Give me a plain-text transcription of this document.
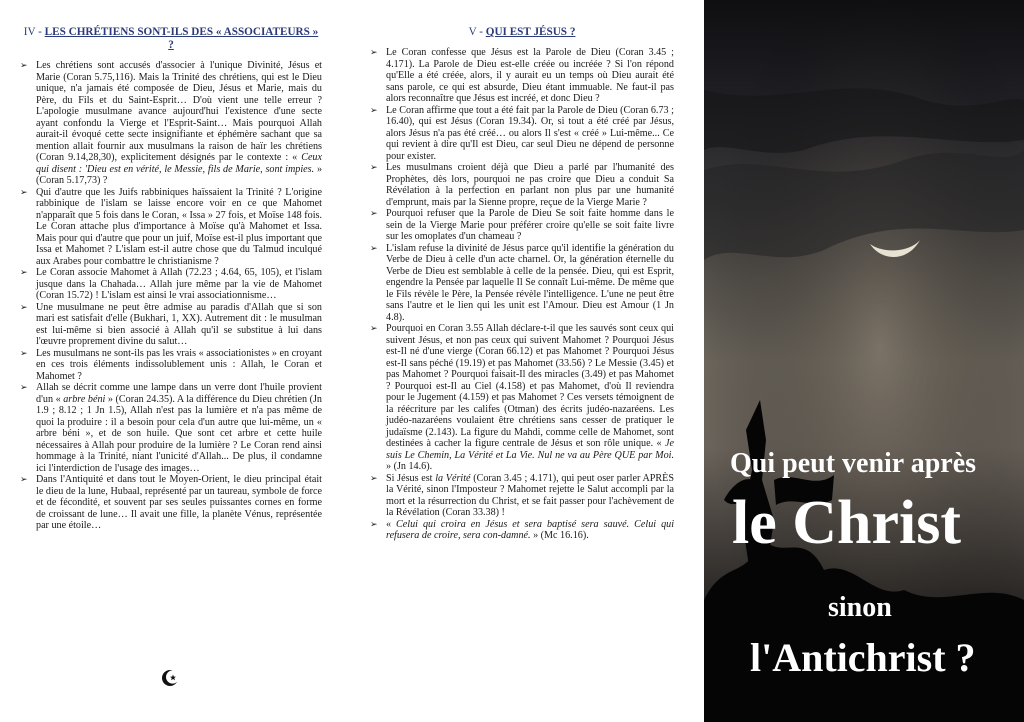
IV - LES CHRÉTIENS SONT-ILS DES « ASSOCIATEURS » ?
➢ Les chrétiens sont accusés d'associer à l'unique Divinité, Jésus et Marie (Coran 5.75,116). Mais la Trinité des chrétiens, qui est le Dieu unique, n'a jamais été composée de Dieu, Jésus et Marie, mais du Père, du Fils et du Saint-Esprit… D'où vient une telle erreur ? L'apologie musulmane avance aujourd'hui l'existence d'une secte ayant confondu la Vierge et l'Esprit-Saint… Mais pourquoi Allah aurait-il évoqué cette secte insignifiante et éphémère sachant que sa mention allait fournir aux musulmans la raison de haïr les chrétiens (Coran 9.14,28,30), explicitement désignés par le contexte : « Ceux qui disent : 'Dieu est en vérité, le Messie, fils de Marie, sont impies. » (Coran 5.17,73) ?
➢ Qui d'autre que les Juifs rabbiniques haïssaient la Trinité ? L'origine rabbinique de l'islam se laisse encore voir en ce que Mahomet n'apparaît que 5 fois dans le Coran, « Issa » 27 fois, et Moïse 148 fois. Le Coran attache plus d'importance à Moïse qu'à Mahomet et Issa. Mais pour qui d'autre que pour un juif, Moïse est-il plus important que Issa et Mahomet ? L'islam est-il autre chose que du Talmud inculqué aux Arabes pour combattre le christianisme ?
➢ Le Coran associe Mahomet à Allah (72.23 ; 4.64, 65, 105), et l'islam jusque dans la Chahada… Allah jure même par la vie de Mahomet (Coran 15.72) ! L'islam est ainsi le vrai associationnisme…
➢ Une musulmane ne peut être admise au paradis d'Allah que si son mari est satisfait d'elle (Bukhari, 1, XX). Autrement dit : le musulman est lui-même si bien associé à Allah qu'il se substitue à lui dans l'œuvre proprement divine du salut…
➢ Les musulmans ne sont-ils pas les vrais « associationistes » en croyant en ces trois éléments indissolublement unis : Allah, le Coran et Mahomet ?
➢ Allah se décrit comme une lampe dans un verre dont l'huile provient d'un « arbre béni » (Coran 24.35). A la différence du Dieu chrétien (Jn 1.9 ; 8.12 ; 1 Jn 1.5), Allah n'est pas la lumière et n'a pas même de quoi la produire : il a besoin pour cela d'un autre que lui-même, un « arbre béni », et de son huile. Que sont cet arbre et cette huile nécessaires à Allah pour produire de la lumière ? Le Coran rend ainsi hommage à la Trinité, niant l'unicité d'Allah... De plus, il condamne ici l'interdiction de l'usage des images…
➢ Dans l'Antiquité et dans tout le Moyen-Orient, le dieu principal était le dieu de la lune, Hubaal, représenté par un taureau, symbole de force et de fécondité, et souvent par ses seules puissantes cornes en forme de croissant de lune… Il avait une fille, la planète Vénus, représentée par une étoile…
V - QUI EST JÉSUS ?
➢ Le Coran confesse que Jésus est la Parole de Dieu (Coran 3.45 ; 4.171). La Parole de Dieu est-elle créée ou incréée ? Si l'on répond qu'Elle a été créée, alors, il y aurait eu un temps où Dieu aurait été sans parole, ce qui est absurde, Dieu étant immuable. Ne faut-il pas alors reconnaître que Jésus est incréé, et donc Dieu ?
➢ Le Coran affirme que tout a été fait par la Parole de Dieu (Coran 6.73 ; 16.40), qui est Jésus (Coran 19.34). Or, si tout a été créé par Jésus, alors Jésus n'a pas été créé… ou alors Il s'est « créé » Lui-même... Ce qui revient à dire qu'Il est Dieu, car seul Dieu ne dépend de personne pour exister.
➢ Les musulmans croient déjà que Dieu a parlé par l'humanité des Prophètes, dès lors, pourquoi ne pas croire que Dieu a conduit Sa Révélation à la perfection en parlant non plus par une humanité d'emprunt, mais par la Sienne propre, reçue de la Vierge Marie ?
➢ Pourquoi refuser que la Parole de Dieu Se soit faite homme dans le sein de la Vierge Marie pour préférer croire qu'elle se soit faite livre sur les omoplates d'un chameau ?
➢ L'islam refuse la divinité de Jésus parce qu'il identifie la génération du Verbe de Dieu à celle d'un acte charnel. Or, la génération éternelle du Verbe de Dieu est semblable à celle de la pensée. Dieu, qui est Esprit, engendre la Pensée par laquelle Il Se connaît Lui-même. De même que le Fils révèle le Père, la Pensée révèle l'intelligence. L'une ne peut être sans l'autre et le lien qui les unit est l'Amour. Dieu est Amour (1 Jn 4.8).
➢ Pourquoi en Coran 3.55 Allah déclare-t-il que les sauvés sont ceux qui suivent Jésus, et non pas ceux qui suivent Mahomet ? Pourquoi Jésus est-Il né d'une vierge (Coran 66.12) et pas Mahomet ? Pourquoi Jésus est-Il sans péché (19.19) et pas Mahomet (33.56) ? Le Messie (3.45) et pas Mahomet ? Pourquoi faisait-Il des miracles (3.49) et pas Mahomet ? Pourquoi est-Il au Ciel (4.158) et pas Mahomet, d'où Il reviendra pour le Jugement (4.159) et pas Mahomet ? Ces versets témoignent de la réécriture par les califes (Otman) des écrits judéo-nazaréens. Les judéo-nazaréens voulaient être chrétiens sans cesser de pratiquer le judaïsme (2.143). La figure du Mahdi, comme celle de Mahomet, sont destinées à cacher la figure centrale de Jésus et son rôle unique. « Je suis Le Chemin, La Vérité et La Vie. Nul ne va au Père QUE par Moi. » (Jn 14.6).
➢ Si Jésus est la Vérité (Coran 3.45 ; 4.171), qui peut oser parler APRÈS la Vérité, sinon l'Imposteur ? Mahomet rejette le Salut accompli par la mort et la résurrection du Christ, et se fait passer pour l'achèvement de la Révélation (Coran 33.38) !
➢ « Celui qui croira en Jésus et sera baptisé sera sauvé. Celui qui refusera de croire, sera con-damné. » (Mc 16.16).
Qui peut venir après
le Christ
sinon
l'Antichrist ?
